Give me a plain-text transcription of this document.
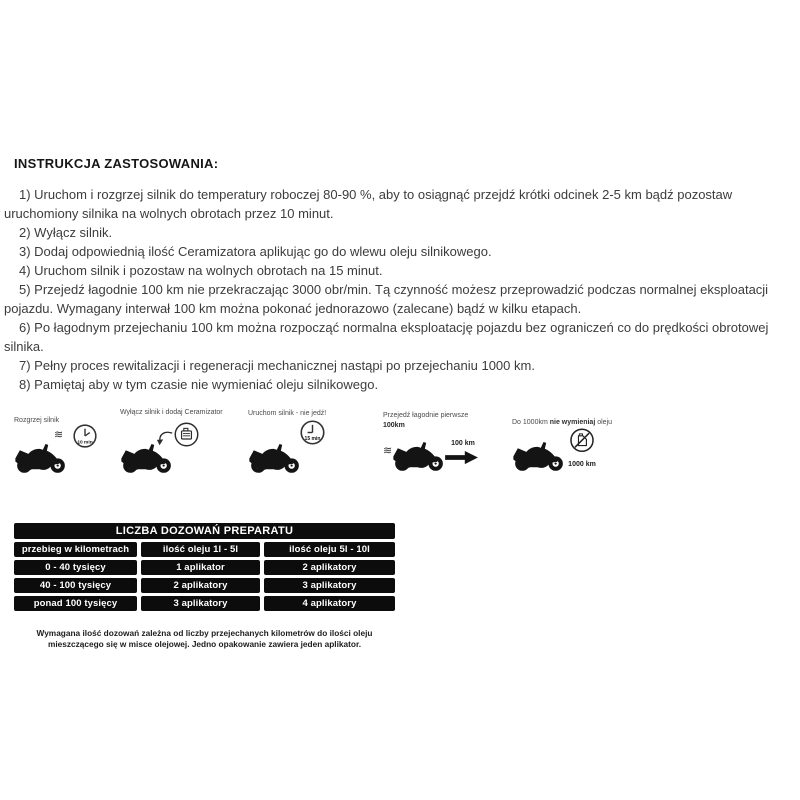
INSTRUKCJA ZASTOSOWANIA:

1) Uruchom i rozgrzej silnik do temperatury roboczej 80-90 %, aby to osiągnąć przejdź krótki odcinek 2-5 km bądź pozostaw uruchomiony silnika na wolnych obrotach przez 10 minut.

2) Wyłącz silnik.

3) Dodaj odpowiednią ilość Ceramizatora aplikując go do wlewu oleju silnikowego.

4) Uruchom silnik i pozostaw na wolnych obrotach na 15 minut.

5) Przejedź łagodnie 100 km nie przekraczając 3000 obr/min. Tą czynność możesz przeprowadzić podczas normalnej eksploatacji pojazdu. Wymagany interwał 100 km można pokonać jednorazowo (zalecane) bądź w kilku etapach.

6) Po łagodnym przejechaniu 100 km można rozpocząć normalna eksploatację pojazdu bez ograniczeń co do prędkości obrotowej silnika.

7) Pełny proces rewitalizacji i regeneracji mechanicznej nastąpi po przejechaniu 1000 km.

8) Pamiętaj aby w tym czasie nie wymieniać oleju silnikowego.

Rozgrzej silnik
≋
10 min
Wyłącz silnik i dodaj Ceramizator	Uruchom silnik - nie jedź!
15 min
Przejedź łagodnie pierwsze
100km
≋
100 km
Do 1000km nie wymieniaj oleju
1000 km
LICZBA DOZOWAŃ PREPARATU
przebieg w kilometrach	ilość oleju 1l - 5l	ilość oleju 5l - 10l
0 - 40 tysięcy	1 aplikator	2 aplikatory
40 - 100 tysięcy	2 aplikatory	3 aplikatory
ponad 100 tysięcy	3 aplikatory	4 aplikatory
Wymagana ilość dozowań zależna od liczby przejechanych kilometrów do ilości oleju
mieszczącego się w misce olejowej. Jedno opakowanie zawiera jeden aplikator.
